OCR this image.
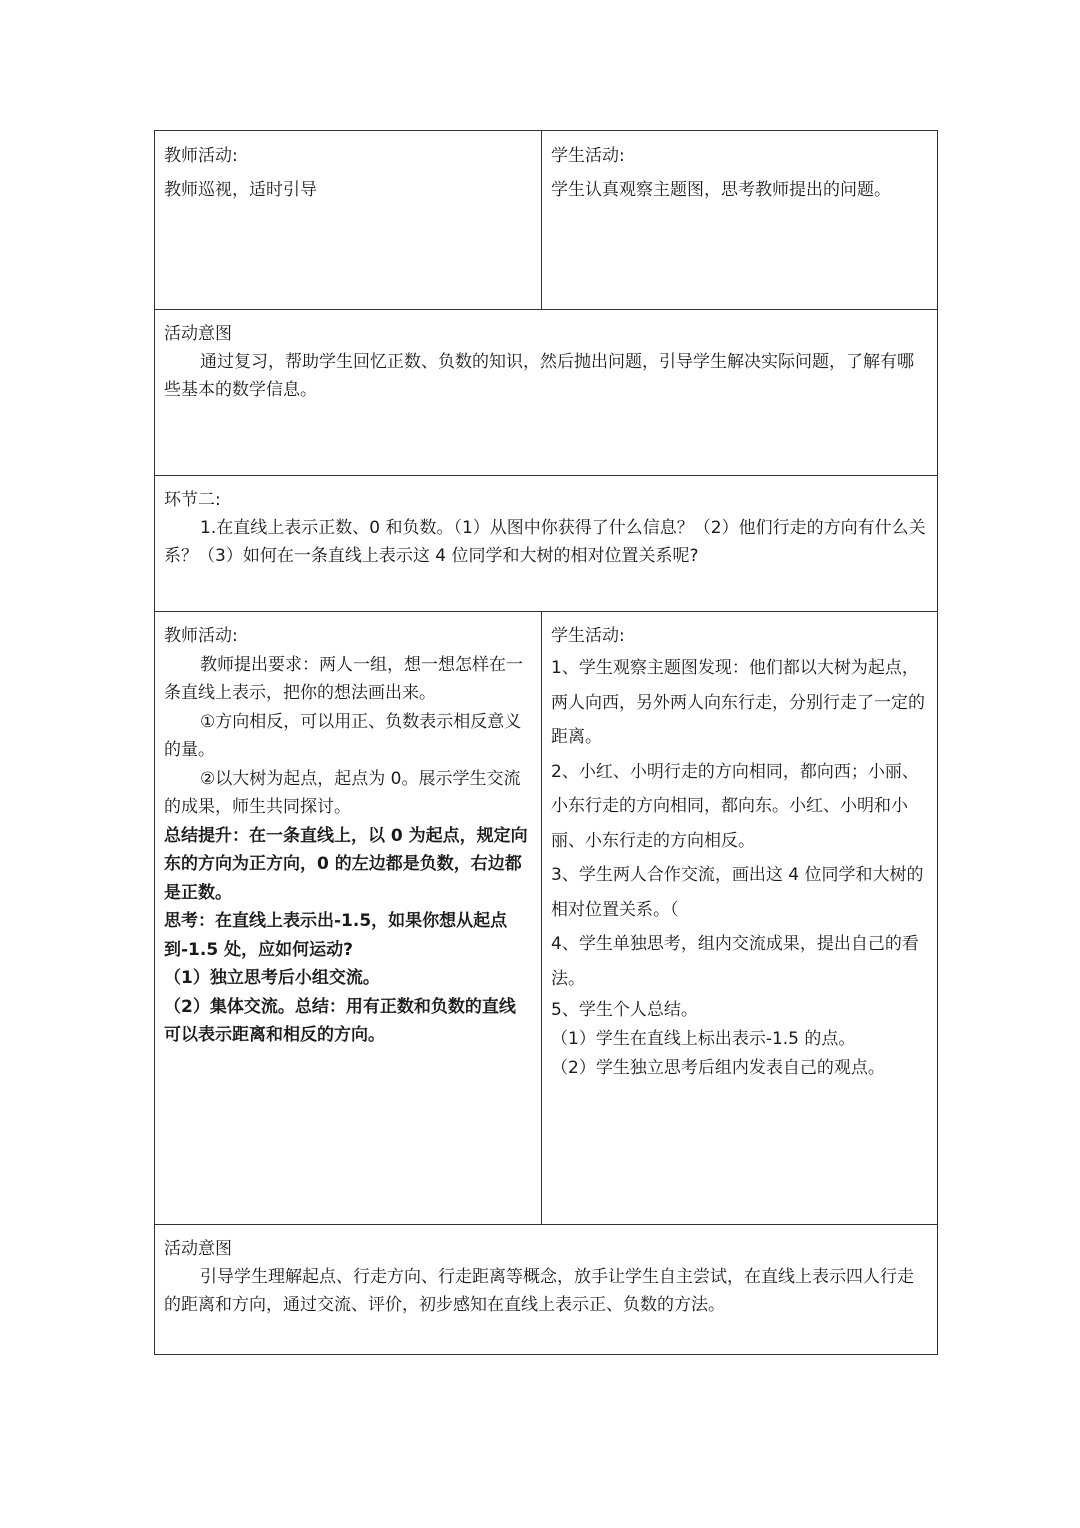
教师活动:

教师巡视，适时引导

学生活动:

学生认真观察主题图，思考教师提出的问题。

活动意图

通过复习，帮助学生回忆正数、负数的知识，然后抛出问题，引导学生解决实际问题，了解有哪些基本的数学信息。

环节二:

1.在直线上表示正数、0 和负数。（1）从图中你获得了什么信息？（2）他们行走的方向有什么关系？（3）如何在一条直线上表示这 4 位同学和大树的相对位置关系呢?

教师活动:

教师提出要求：两人一组，想一想怎样在一条直线上表示，把你的想法画出来。

①方向相反，可以用正、负数表示相反意义的量。

②以大树为起点，起点为 0。展示学生交流的成果，师生共同探讨。

总结提升：在一条直线上，以 0 为起点，规定向东的方向为正方向，0 的左边都是负数，右边都是正数。

思考：在直线上表示出-1.5，如果你想从起点到-1.5 处，应如何运动?

（1）独立思考后小组交流。

（2）集体交流。总结：用有正数和负数的直线可以表示距离和相反的方向。

学生活动:

1、学生观察主题图发现：他们都以大树为起点，两人向西，另外两人向东行走，分别行走了一定的距离。

2、小红、小明行走的方向相同，都向西；小丽、小东行走的方向相同，都向东。小红、小明和小丽、小东行走的方向相反。

3、学生两人合作交流，画出这 4 位同学和大树的相对位置关系。（

4、学生单独思考，组内交流成果，提出自己的看法。

5、学生个人总结。

（1）学生在直线上标出表示-1.5 的点。

（2）学生独立思考后组内发表自己的观点。

活动意图

引导学生理解起点、行走方向、行走距离等概念，放手让学生自主尝试，在直线上表示四人行走的距离和方向，通过交流、评价，初步感知在直线上表示正、负数的方法。
